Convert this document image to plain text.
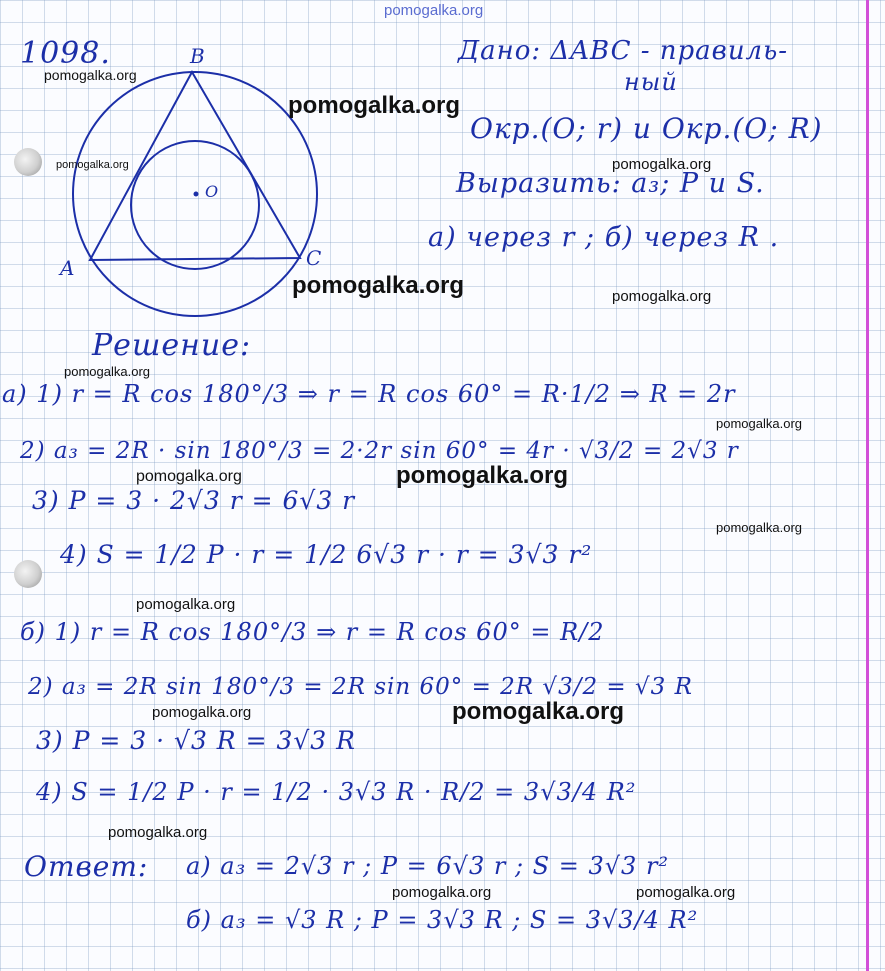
1098.	B
A	C
O
Дано: ΔABC - правиль-
ный
Окр.(O; r) и Окр.(O; R)
Выразить: a₃; P и S.
а) через r ; б) через R .
Решение:
а) 1) r = R cos 180°/3 ⇒ r = R cos 60° = R·1/2 ⇒ R = 2r
2) a₃ = 2R · sin 180°/3 = 2·2r sin 60° = 4r · √3/2 = 2√3 r
3) P = 3 · 2√3 r = 6√3 r
4) S = 1/2 P · r = 1/2 6√3 r · r = 3√3 r²
б) 1) r = R cos 180°/3 ⇒ r = R cos 60° = R/2
2) a₃ = 2R sin 180°/3 = 2R sin 60° = 2R √3/2 = √3 R
3) P = 3 · √3 R = 3√3 R
4) S = 1/2 P · r = 1/2 · 3√3 R · R/2 = 3√3/4 R²
Ответ: а) a₃ = 2√3 r ; P = 6√3 r ; S = 3√3 r²
б) a₃ = √3 R ; P = 3√3 R ; S = 3√3/4 R²
pomogalka.org
pomogalka.org
pomogalka.org
pomogalka.org	pomogalka.org
pomogalka.org	pomogalka.org
pomogalka.org
pomogalka.org
pomogalka.org	pomogalka.org
pomogalka.org
pomogalka.org
pomogalka.org	pomogalka.org
pomogalka.org
pomogalka.org	pomogalka.org
